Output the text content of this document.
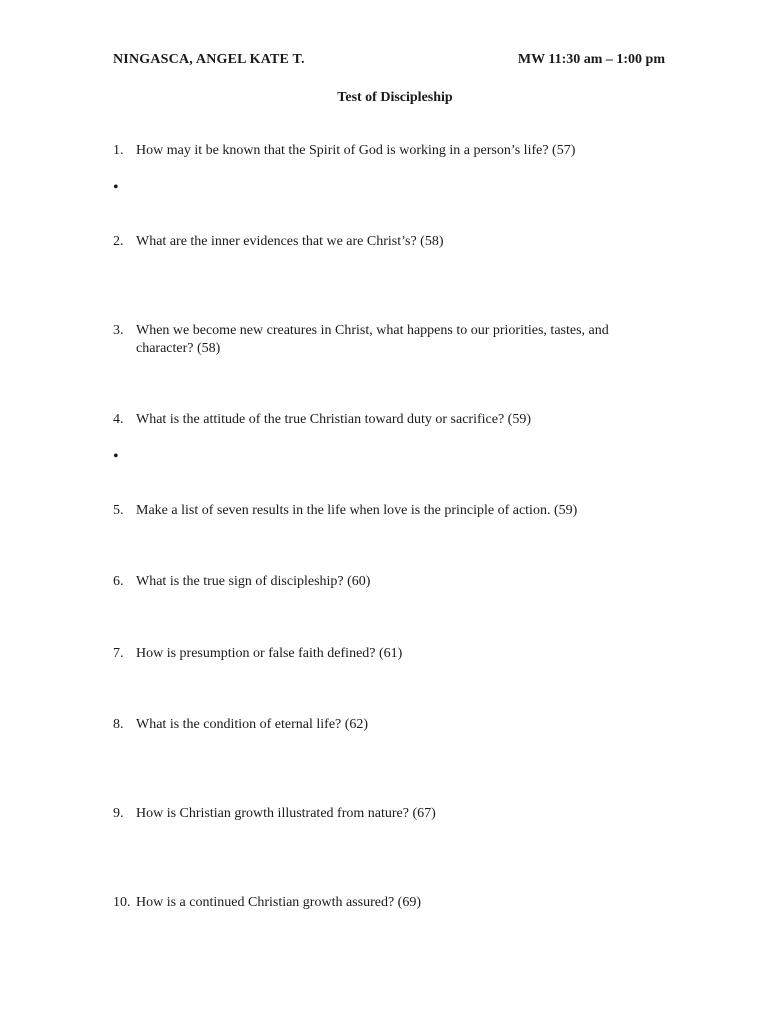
NINGASCA, ANGEL KATE T.	MW 11:30 am – 1:00 pm
Test of Discipleship
1. How may it be known that the Spirit of God is working in a person’s life? (57)
•
2. What are the inner evidences that we are Christ’s? (58)
3. When we become new creatures in Christ, what happens to our priorities, tastes, and character? (58)
4. What is the attitude of the true Christian toward duty or sacrifice? (59)
•
5. Make a list of seven results in the life when love is the principle of action. (59)
6. What is the true sign of discipleship? (60)
7. How is presumption or false faith defined? (61)
8. What is the condition of eternal life? (62)
9. How is Christian growth illustrated from nature? (67)
10. How is a continued Christian growth assured? (69)
